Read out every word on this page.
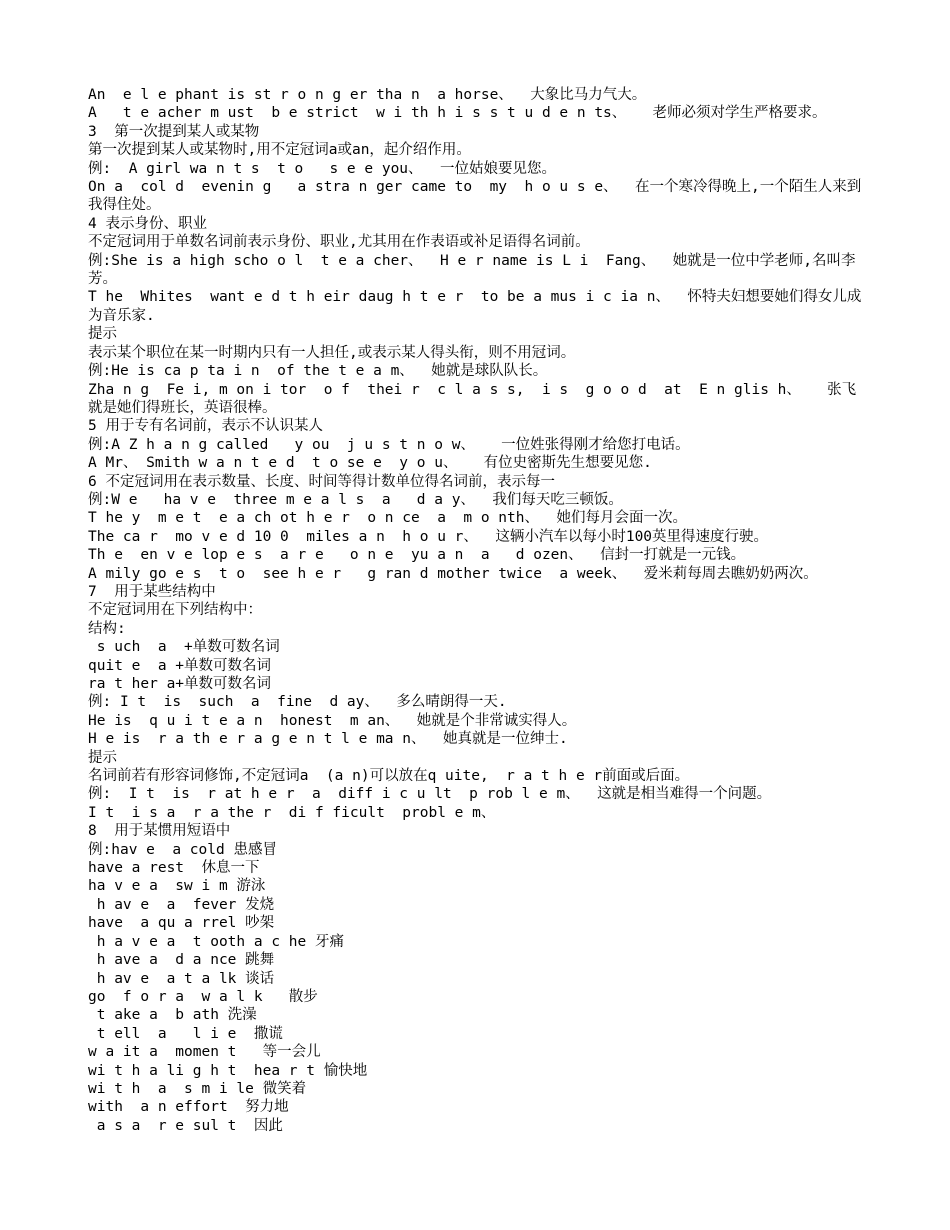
An  e l e phant is st r o n g er tha n  a horse、  大象比马力气大。

A   t e acher m ust  b e strict  w i th h i s s t u d e n ts、   老师必须对学生严格要求。

3  第一次提到某人或某物

第一次提到某人或某物时,用不定冠词a或an，起介绍作用。

例:  A girl wa n t s  t o   s e e you、  一位姑娘要见您。

On a  col d  evenin g   a stra n ger came to  my  h o u s e、  在一个寒冷得晚上,一个陌生人来到我得住处。

4 表示身份、职业

不定冠词用于单数名词前表示身份、职业,尤其用在作表语或补足语得名词前。

例:She is a high scho o l  t e a cher、  H e r name is L i  Fang、  她就是一位中学老师,名叫李芳。

T he  Whites  want e d t h eir daug h t e r  to be a mus i c ia n、  怀特夫妇想要她们得女儿成为音乐家.

提示

表示某个职位在某一时期内只有一人担任,或表示某人得头衔，则不用冠词。

例:He is ca p ta i n  of the t e a m、  她就是球队队长。

Zha n g  Fe i, m on i tor  o f  thei r  c l a s s,  i s  g o o d  at  E n glis h、   张飞就是她们得班长，英语很棒。

5 用于专有名词前，表示不认识某人

例:A Z h a n g called   y ou  j u s t n o w、   一位姓张得刚才给您打电话。

A Mr、 Smith w a n t e d  t o se e  y o u、   有位史密斯先生想要见您.

6 不定冠词用在表示数量、长度、时间等得计数单位得名词前，表示每一

例:W e   ha v e  three m e a l s  a   d a y、  我们每天吃三顿饭。

T he y  m e t  e a ch ot h e r  o n ce  a  m o nth、  她们每月会面一次。

The ca r  mo v e d 10 0  miles a n  h o u r、  这辆小汽车以每小时100英里得速度行驶。

Th e  en v e lop e s  a r e   o n e  yu a n  a   d ozen、  信封一打就是一元钱。

A mily go e s  t o  see h e r   g ran d mother twice  a week、  爱米莉每周去瞧奶奶两次。

7  用于某些结构中

不定冠词用在下列结构中：

结构:

s uch  a  +单数可数名词

quit e  a +单数可数名词

ra t her a+单数可数名词

例: I t  is  such  a  fine  d ay、  多么晴朗得一天.

He is  q u i t e a n  honest  m an、  她就是个非常诚实得人。

H e is  r a th e r a g e n t l e ma n、  她真就是一位绅士.

提示

名词前若有形容词修饰,不定冠词a  (a n)可以放在q uite,  r a t h e r前面或后面。

例:  I t  is  r at h e r  a  diff i c u lt  p rob l e m、  这就是相当难得一个问题。

I t  i s a  r a the r  di f ficult  probl e m、

8  用于某惯用短语中

例:hav e  a cold 患感冒

have a rest  休息一下

ha v e a  sw i m 游泳

h av e  a  fever 发烧

have  a qu a rrel 吵架

h a v e a  t ooth a c he 牙痛

h ave a  d a nce 跳舞

h av e  a t a lk 谈话

go  f o r a  w a l k   散步

t ake a  b ath 洗澡

t ell  a   l i e  撒谎

w a it a  momen t   等一会儿

wi t h a li g h t  hea r t 愉快地

wi t h  a  s m i le 微笑着

with  a n effort  努力地

a s a  r e sul t  因此
